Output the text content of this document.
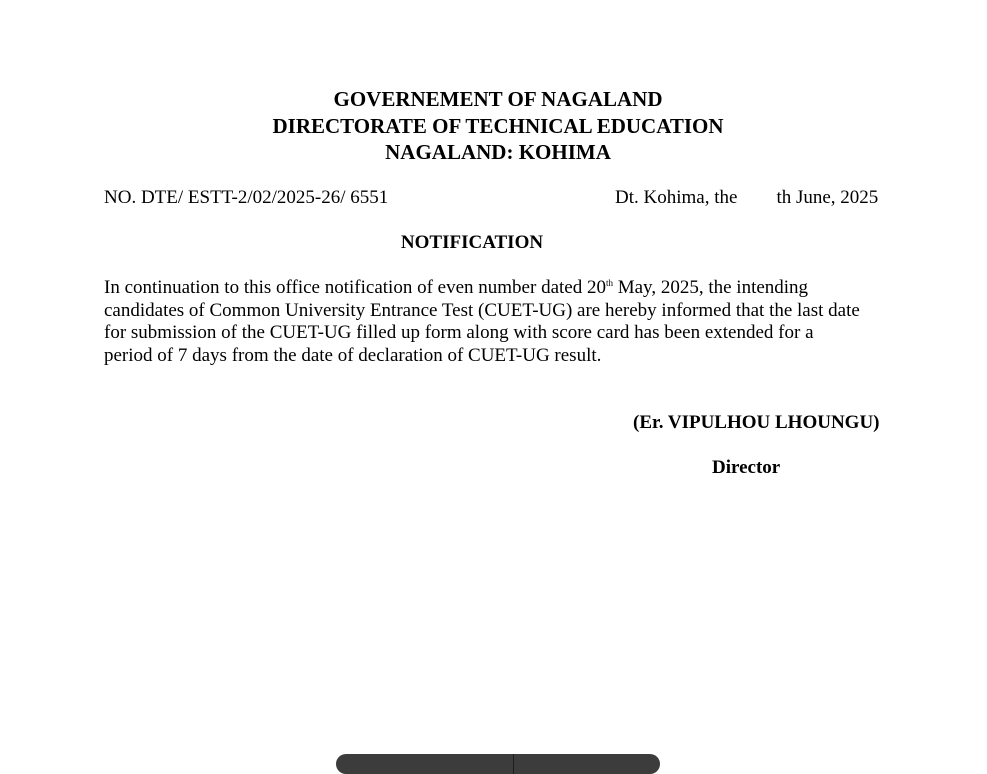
GOVERNEMENT OF NAGALAND
DIRECTORATE OF TECHNICAL EDUCATION
NAGALAND: KOHIMA
NO. DTE/ ESTT-2/02/2025-26/ 6551	Dt. Kohima, the th June, 2025
NOTIFICATION
In continuation to this office notification of even number dated 20th May, 2025, the intending
candidates of Common University Entrance Test (CUET-UG) are hereby informed that the last date
for submission of the CUET-UG filled up form along with score card has been extended for a
period of 7 days from the date of declaration of CUET-UG result.
(Er. VIPULHOU LHOUNGU)
Director
